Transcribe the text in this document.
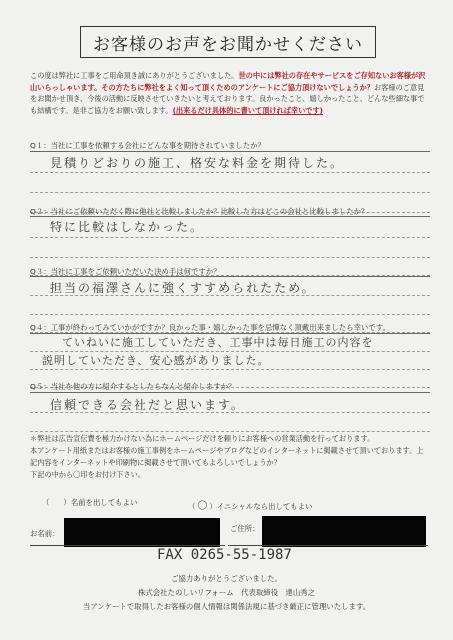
お客様のお声をお聞かせください
この度は弊社に工事をご用命頂き誠にありがとうございました。世の中には弊社の存在やサービスをご存知ないお客様が沢山いらっしゃいます。その方たちに弊社をよく知って頂くためのアンケートにご協力頂けないでしょうか？お客様のご意見をお聞かせ頂き、今後の活動に反映させていきたいと考えております。良かったこと、嬉しかったこと、どんな些細な事でも結構です。是非ご協力をお願い致します。(出来るだけ具体的に書いて頂ければ幸いです)
Q１：当社に工事を依頼する会社にどんな事を期待されていましたか？
見積りどおりの施工、格安な料金を期待した。
Q２：当社にご依頼いただく際に他社と比較しましたか？比較した方はどこの会社と比較しましたか？
特に比較はしなかった。
Q３：当社に工事をご依頼いただいた決め手は何ですか？
担当の福澤さんに強くすすめられたため。
Q４：工事が終わってみていかがですか？良かった事・嬉しかった事を忌憚なく頂戴出来ましたら幸いです。
ていねいに施工していただき、工事中は毎日施工の内容を
説明していただき、安心感がありました。
Q５：当社を他の方に紹介するとしたらなんと紹介しますか？
信頼できる会社だと思います。
＊弊社は広告宣伝費を極力かけない為にホームページだけを頼りにお客様への営業活動を行っております。
本アンケート用紙またはお客様の施工事例をホームページやブログなどのインターネットに掲載させて頂いております。上記内容をインターネットや印刷物に掲載させて頂いてもよろしいでしょうか？
下記の中から〇印をお付け下さい。
（ ）名前を出してもよい	（ 〇 ）イニシャルなら出してもよい
お名前：
ご住所：
FAX 0265-55-1987
ご協力ありがとうございました。
株式会社たのしいリフォーム　代表取締役　達山秀之
当アンケートで取得したお客様の個人情報は関係法規に基づき厳正に管理いたします。
